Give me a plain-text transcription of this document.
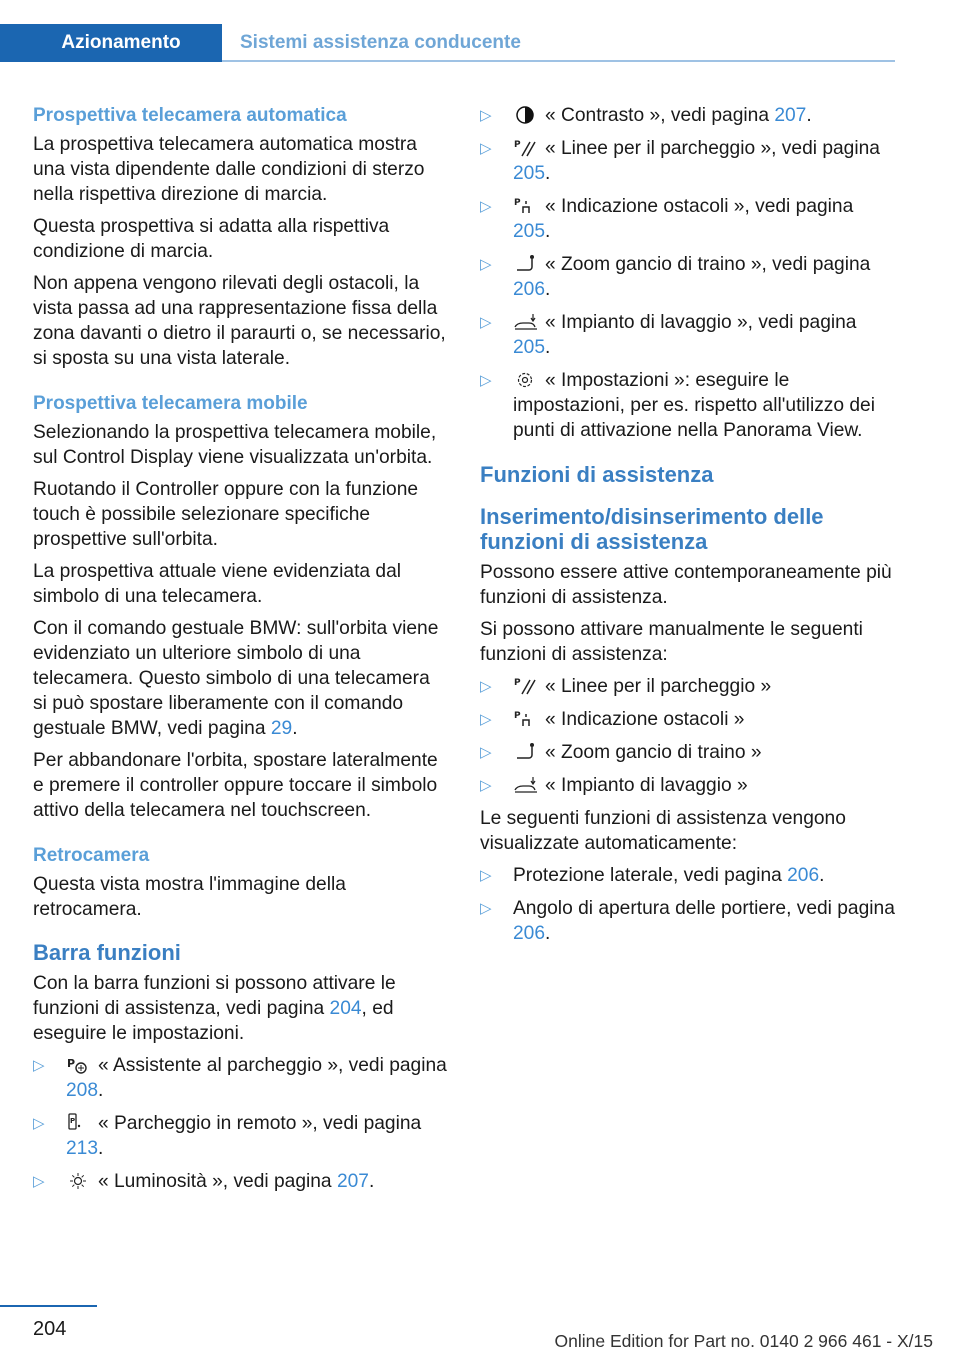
Azionamento	Sistemi assistenza conducente
Prospettiva telecamera automatica

La prospettiva telecamera automatica mostra una vista dipendente dalle condizioni di sterzo nella rispettiva direzione di marcia.

Questa prospettiva si adatta alla rispettiva condizione di marcia.

Non appena vengono rilevati degli ostacoli, la vista passa ad una rappresentazione fissa della zona davanti o dietro il paraurti o, se necessario, si sposta su una vista laterale.

Prospettiva telecamera mobile

Selezionando la prospettiva telecamera mobile, sul Control Display viene visualizzata un'orbita.

Ruotando il Controller oppure con la funzione touch è possibile selezionare specifiche prospettive sull'orbita.

La prospettiva attuale viene evidenziata dal simbolo di una telecamera.

Con il comando gestuale BMW: sull'orbita viene evidenziato un ulteriore simbolo di una telecamera. Questo simbolo di una telecamera si può spostare liberamente con il comando gestuale BMW, vedi pagina 29.

Per abbandonare l'orbita, spostare lateralmente e premere il controller oppure toccare il simbolo attivo della telecamera nel touchscreen.

Retrocamera

Questa vista mostra l'immagine della retrocamera.

Barra funzioni

Con la barra funzioni si possono attivare le funzioni di assistenza, vedi pagina 204, ed eseguire le impostazioni.

▷ P « Assistente al parcheggio », vedi pagina 208.
▷	P « Parcheggio in remoto », vedi pagina 213.
▷	« Luminosità », vedi pagina 207.
▷	« Contrasto », vedi pagina 207.
▷ P « Linee per il parcheggio », vedi pagina 205.
▷ P « Indicazione ostacoli », vedi pagina 205.
▷	« Zoom gancio di traino », vedi pagina 206.
▷	« Impianto di lavaggio », vedi pagina 205.
▷	« Impostazioni »: eseguire le impostazioni, per es. rispetto all'utilizzo dei punti di attivazione nella Panorama View.
Funzioni di assistenza
Inserimento/disinserimento delle funzioni di assistenza

Possono essere attive contemporaneamente più funzioni di assistenza.

Si possono attivare manualmente le seguenti funzioni di assistenza:

▷ P « Linee per il parcheggio »
▷ P « Indicazione ostacoli »
▷	« Zoom gancio di traino »
▷	« Impianto di lavaggio »

Le seguenti funzioni di assistenza vengono visualizzate automaticamente:

▷ Protezione laterale, vedi pagina 206.
▷ Angolo di apertura delle portiere, vedi pagina 206.
204
Online Edition for Part no. 0140 2 966 461 - X/15
